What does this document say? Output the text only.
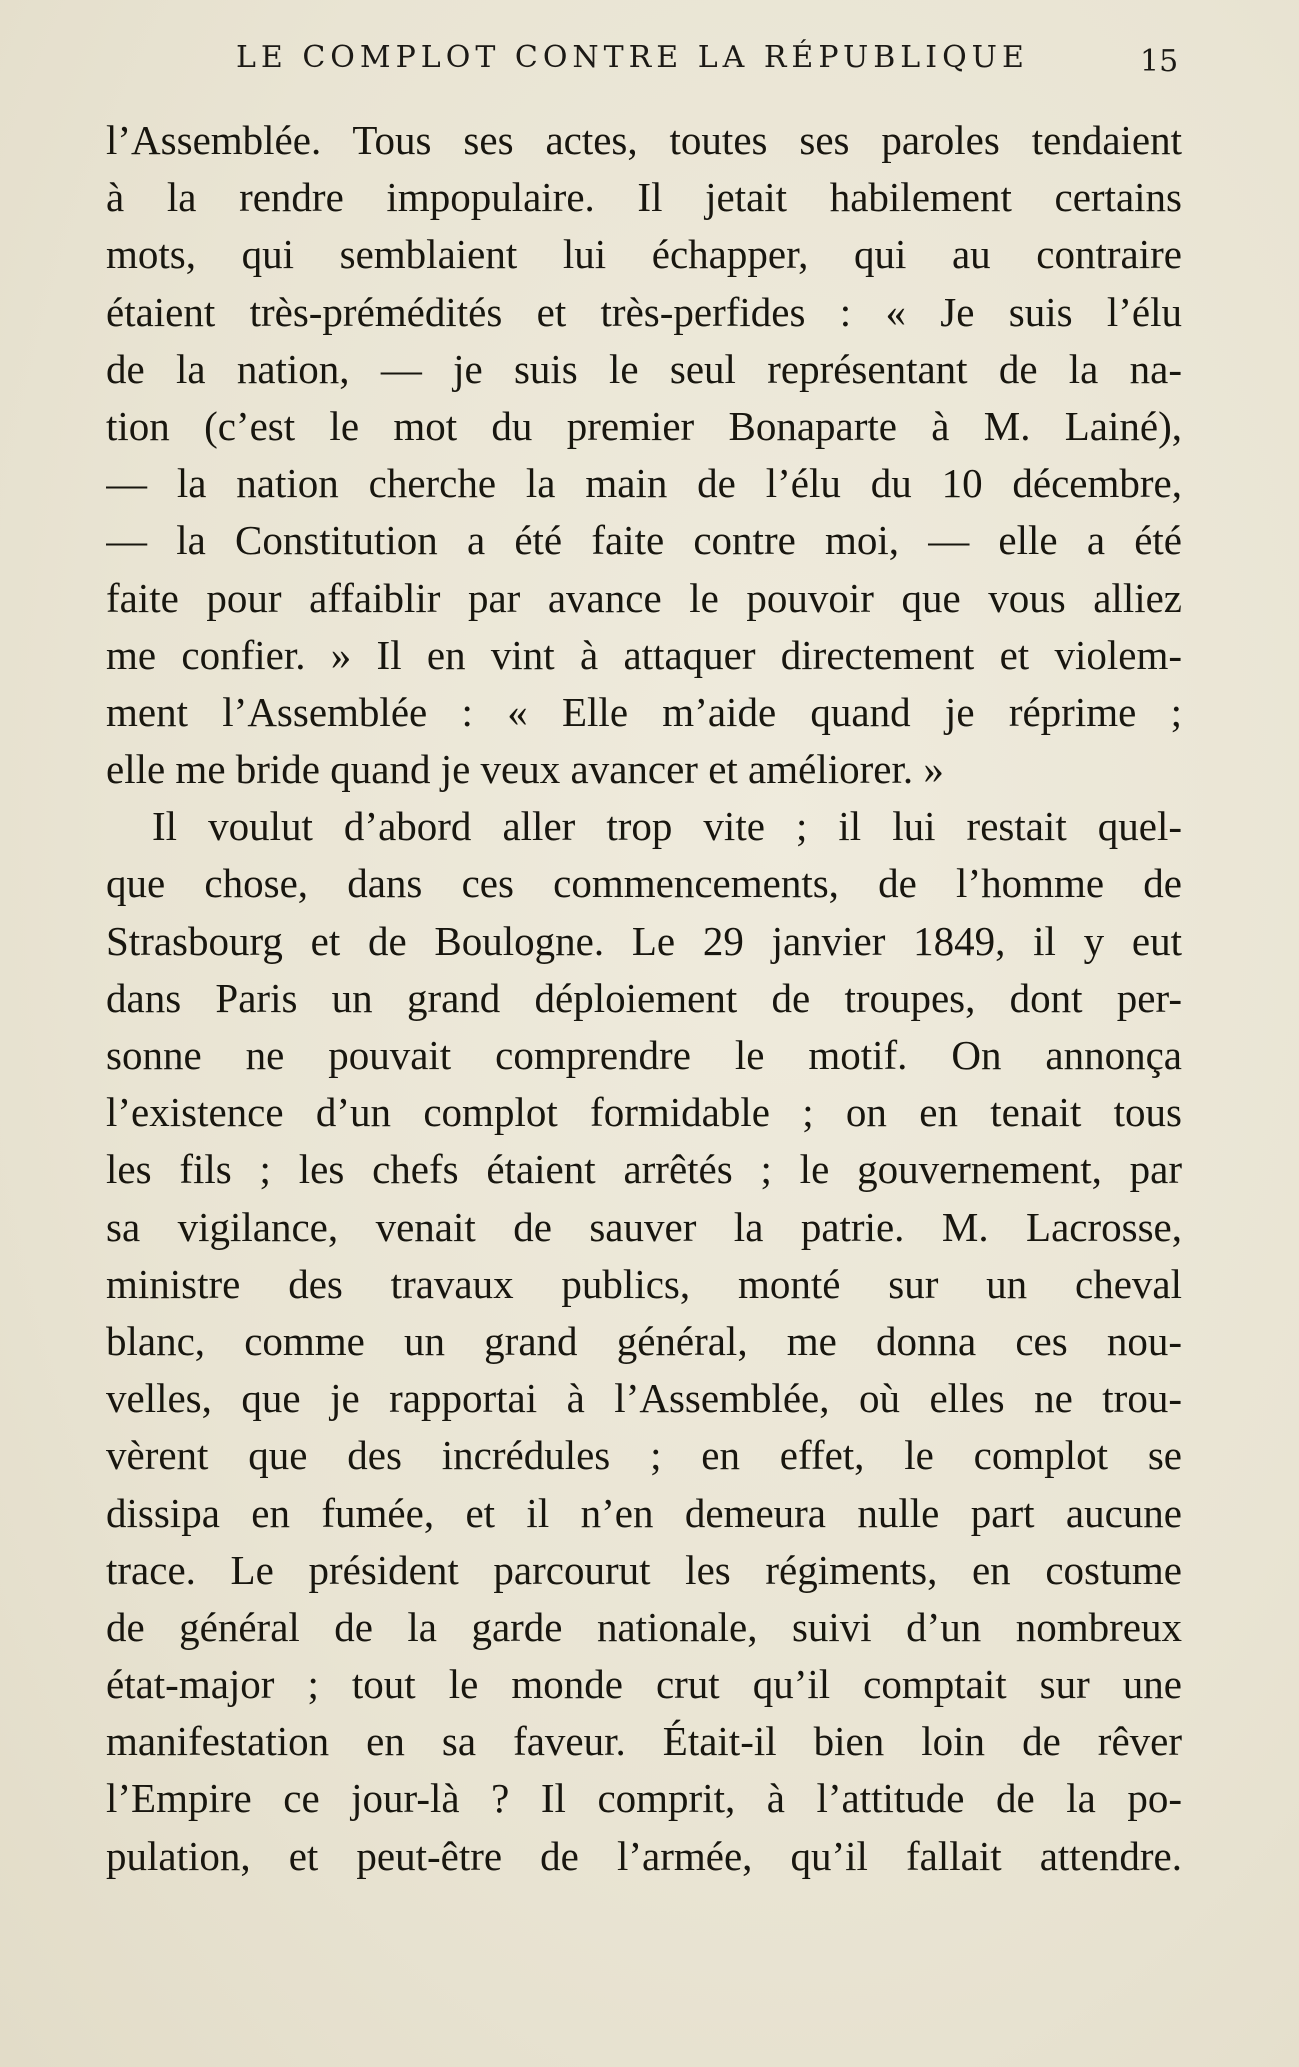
LE COMPLOT CONTRE LA RÉPUBLIQUE	15
l’Assemblée. Tous ses actes, toutes ses paroles tendaient
à la rendre impopulaire. Il jetait habilement certains
mots, qui semblaient lui échapper, qui au contraire
étaient très-prémédités et très-perfides : « Je suis l’élu
de la nation, — je suis le seul représentant de la na-
tion (c’est le mot du premier Bonaparte à M. Lainé),
— la nation cherche la main de l’élu du 10 décembre,
— la Constitution a été faite contre moi, — elle a été
faite pour affaiblir par avance le pouvoir que vous alliez
me confier. » Il en vint à attaquer directement et violem-
ment l’Assemblée : « Elle m’aide quand je réprime ;
elle me bride quand je veux avancer et améliorer. »
Il voulut d’abord aller trop vite ; il lui restait quel-
que chose, dans ces commencements, de l’homme de
Strasbourg et de Boulogne. Le 29 janvier 1849, il y eut
dans Paris un grand déploiement de troupes, dont per-
sonne ne pouvait comprendre le motif. On annonça
l’existence d’un complot formidable ; on en tenait tous
les fils ; les chefs étaient arrêtés ; le gouvernement, par
sa vigilance, venait de sauver la patrie. M. Lacrosse,
ministre des travaux publics, monté sur un cheval
blanc, comme un grand général, me donna ces nou-
velles, que je rapportai à l’Assemblée, où elles ne trou-
vèrent que des incrédules ; en effet, le complot se
dissipa en fumée, et il n’en demeura nulle part aucune
trace. Le président parcourut les régiments, en costume
de général de la garde nationale, suivi d’un nombreux
état-major ; tout le monde crut qu’il comptait sur une
manifestation en sa faveur. Était-il bien loin de rêver
l’Empire ce jour-là ? Il comprit, à l’attitude de la po-
pulation, et peut-être de l’armée, qu’il fallait attendre.
